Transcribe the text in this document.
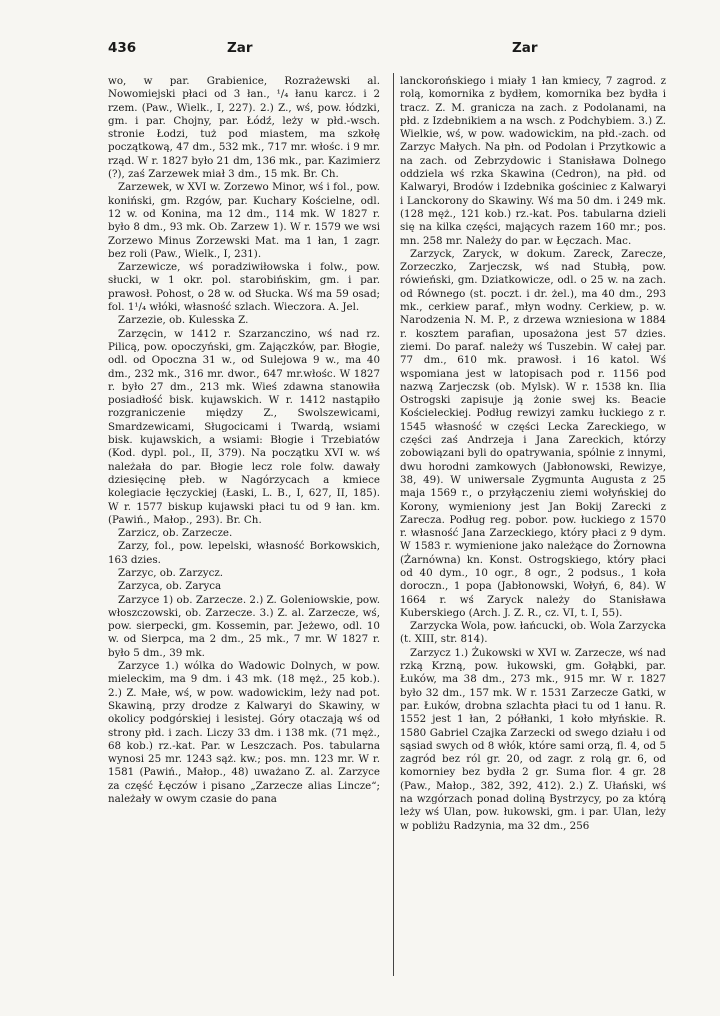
436	Zar	Zar

wo, w par. Grabienice, Rozrażewski al. Nowomiejski płaci od 3 łan., ¹/₄ łanu karcz. i 2 rzem. (Paw., Wielk., I, 227). 2.) Z., wś, pow. łódzki, gm. i par. Chojny, par. Łódź, leży w płd.-wsch. stronie Łodzi, tuż pod miastem, ma szkołę początkową, 47 dm., 532 mk., 717 mr. włośc. i 9 mr. rząd. W r. 1827 było 21 dm, 136 mk., par. Kazimierz (?), zaś Zarzewek miał 3 dm., 15 mk. Br. Ch.

Zarzewek, w XVI w. Zorzewo Minor, wś i fol., pow. koniński, gm. Rzgów, par. Kuchary Kościelne, odl. 12 w. od Konina, ma 12 dm., 114 mk. W 1827 r. było 8 dm., 93 mk. Ob. Zarzew 1). W r. 1579 we wsi Zorzewo Minus Zorzewski Mat. ma 1 łan, 1 zagr. bez roli (Paw., Wielk., I, 231).

Zarzewicze, wś poradziwiłowska i folw., pow. słucki, w 1 okr. pol. starobińskim, gm. i par. prawosł. Pohost, o 28 w. od Słucka. Wś ma 59 osad; fol. 1¹/₄ włóki, własność szlach. Wieczora. A. Jel.

Zarzezie, ob. Kulesska Z.

Zarzęcin, w 1412 r. Szarzanczino, wś nad rz. Pilicą, pow. opoczyński, gm. Zajączków, par. Błogie, odl. od Opoczna 31 w., od Sulejowa 9 w., ma 40 dm., 232 mk., 316 mr. dwor., 647 mr.włośc. W 1827 r. było 27 dm., 213 mk. Wieś zdawna stanowiła posiadłość bisk. kujawskich. W r. 1412 nastąpiło rozgraniczenie między Z., Swolszewicami, Smardzewicami, Sługocicami i Twardą, wsiami bisk. kujawskich, a wsiami: Błogie i Trzebiatów (Kod. dypl. pol., II, 379). Na początku XVI w. wś należała do par. Błogie lecz role folw. dawały dziesięcinę płeb. w Nagórzycach a kmiece kolegiacie łęczyckiej (Łaski, L. B., I, 627, II, 185). W r. 1577 biskup kujawski płaci tu od 9 łan. km. (Pawiń., Małop., 293). Br. Ch.

Zarzicz, ob. Zarzecze.

Zarzy, fol., pow. lepelski, własność Borkowskich, 163 dzies.

Zarzyc, ob. Zarzycz.

Zarzyca, ob. Zaryca

Zarzyce 1) ob. Zarzecze. 2.) Z. Goleniowskie, pow. włoszczowski, ob. Zarzecze. 3.) Z. al. Zarzecze, wś, pow. sierpecki, gm. Kossemin, par. Jeżewo, odl. 10 w. od Sierpca, ma 2 dm., 25 mk., 7 mr. W 1827 r. było 5 dm., 39 mk.

Zarzyce 1.) wólka do Wadowic Dolnych, w pow. mieleckim, ma 9 dm. i 43 mk. (18 męż., 25 kob.). 2.) Z. Małe, wś, w pow. wadowickim, leży nad pot. Skawiną, przy drodze z Kalwaryi do Skawiny, w okolicy podgórskiej i lesistej. Góry otaczają wś od strony płd. i zach. Liczy 33 dm. i 138 mk. (71 męż., 68 kob.) rz.-kat. Par. w Leszczach. Pos. tabularna wynosi 25 mr. 1243 sąż. kw.; pos. mn. 123 mr. W r. 1581 (Pawiń., Małop., 48) uważano Z. al. Zarzyce za część Łęczów i pisano „Zarzecze alias Lincze“; należały w owym czasie do pana

lanckorońskiego i miały 1 łan kmiecy, 7 zagrod. z rolą, komornika z bydłem, komornika bez bydła i tracz. Z. M. granicza na zach. z Podolanami, na płd. z Izdebnikiem a na wsch. z Podchybiem. 3.) Z. Wielkie, wś, w pow. wadowickim, na płd.-zach. od Zarzyc Małych. Na płn. od Podolan i Przytkowic a na zach. od Zebrzydowic i Stanisława Dolnego oddziela wś rzka Skawina (Cedron), na płd. od Kalwaryi, Brodów i Izdebnika gościniec z Kalwaryi i Lanckorony do Skawiny. Wś ma 50 dm. i 249 mk. (128 męż., 121 kob.) rz.-kat. Pos. tabularna dzieli się na kilka części, mających razem 160 mr.; pos. mn. 258 mr. Należy do par. w Łęczach. Mac.

Zarzyck, Zaryck, w dokum. Zareck, Zarecze, Zorzeczko, Zarjeczsk, wś nad Stubłą, pow. rówieński, gm. Dziatkowicze, odl. o 25 w. na zach. od Równego (st. poczt. i dr. żel.), ma 40 dm., 293 mk., cerkiew paraf., młyn wodny. Cerkiew, p. w. Narodzenia N. M. P., z drzewa wzniesiona w 1884 r. kosztem parafian, uposażona jest 57 dzies. ziemi. Do paraf. należy wś Tuszebin. W całej par. 77 dm., 610 mk. prawosł. i 16 katol. Wś wspomiana jest w latopisach pod r. 1156 pod nazwą Zarjeczsk (ob. Mylsk). W r. 1538 kn. Ilia Ostrogski zapisuje ją żonie swej ks. Beacie Kościeleckiej. Podług rewizyi zamku łuckiego z r. 1545 własność w części Lecka Zareckiego, w części zaś Andrzeja i Jana Zareckich, którzy zobowiązani byli do opatrywania, spólnie z innymi, dwu horodni zamkowych (Jabłonowski, Rewizye, 38, 49). W uniwersale Zygmunta Augusta z 25 maja 1569 r., o przyłączeniu ziemi wołyńskiej do Korony, wymieniony jest Jan Bokij Zarecki z Zarecza. Podług reg. pobor. pow. łuckiego z 1570 r. własność Jana Zarzeckiego, który płaci z 9 dym. W 1583 r. wymienione jako należące do Żornowna (Żarnówna) kn. Konst. Ostrogskiego, który płaci od 40 dym., 10 ogr., 8 ogr., 2 podsus., 1 koła doroczn., 1 popa (Jabłonowski, Wołyń, 6, 84). W 1664 r. wś Zaryck należy do Stanisława Kuberskiego (Arch. J. Z. R., cz. VI, t. I, 55).

Zarzycka Wola, pow. łańcucki, ob. Wola Zarzycka (t. XIII, str. 814).

Zarzycz 1.) Żukowski w XVI w. Zarzecze, wś nad rzką Krzną, pow. łukowski, gm. Gołąbki, par. Łuków, ma 38 dm., 273 mk., 915 mr. W r. 1827 było 32 dm., 157 mk. W r. 1531 Zarzecze Gatki, w par. Łuków, drobna szlachta płaci tu od 1 łanu. R. 1552 jest 1 łan, 2 półłanki, 1 koło młyńskie. R. 1580 Gabriel Czajka Zarzecki od swego działu i od sąsiad swych od 8 włók, które sami orzą, fl. 4, od 5 zagród bez ról gr. 20, od zagr. z rolą gr. 6, od komorniey bez bydła 2 gr. Suma flor. 4 gr. 28 (Paw., Małop., 382, 392, 412). 2.) Z. Ułański, wś na wzgórzach ponad doliną Bystrzycy, po za którą leży wś Ulan, pow. łukowski, gm. i par. Ulan, leży w pobliżu Radzynia, ma 32 dm., 256
